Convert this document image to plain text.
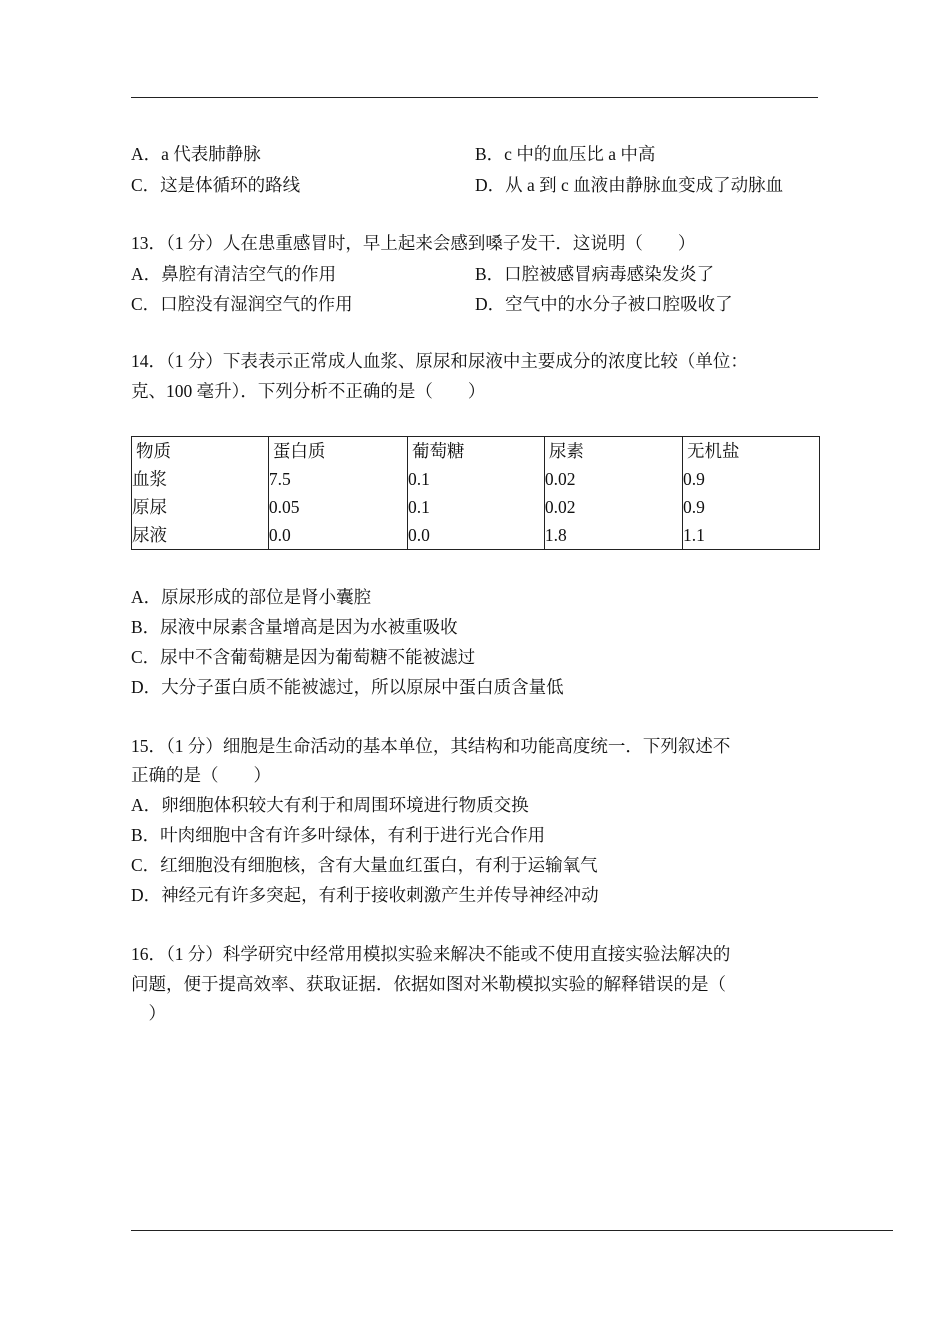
A．a 代表肺静脉	B．c 中的血压比 a 中高
C．这是体循环的路线	D．从 a 到 c 血液由静脉血变成了动脉血
13．（1 分）人在患重感冒时，早上起来会感到嗓子发干．这说明（　　）
A．鼻腔有清洁空气的作用	B．口腔被感冒病毒感染发炎了
C．口腔没有湿润空气的作用	D．空气中的水分子被口腔吸收了
14．（1 分）下表表示正常成人血浆、原尿和尿液中主要成分的浓度比较（单位：
克、100 毫升）．下列分析不正确的是（　　）
物质	蛋白质	葡萄糖	尿素	无机盐
血浆	7.5	0.1	0.02	0.9
原尿	0.05	0.1	0.02	0.9
尿液	0.0	0.0	1.8	1.1
A．原尿形成的部位是肾小囊腔
B．尿液中尿素含量增高是因为水被重吸收
C．尿中不含葡萄糖是因为葡萄糖不能被滤过
D．大分子蛋白质不能被滤过，所以原尿中蛋白质含量低
15．（1 分）细胞是生命活动的基本单位，其结构和功能高度统一．下列叙述不
正确的是（　　）
A．卵细胞体积较大有利于和周围环境进行物质交换
B．叶肉细胞中含有许多叶绿体，有利于进行光合作用
C．红细胞没有细胞核，含有大量血红蛋白，有利于运输氧气
D．神经元有许多突起，有利于接收刺激产生并传导神经冲动
16．（1 分）科学研究中经常用模拟实验来解决不能或不使用直接实验法解决的
问题，便于提高效率、获取证据．依据如图对米勒模拟实验的解释错误的是（
　）
